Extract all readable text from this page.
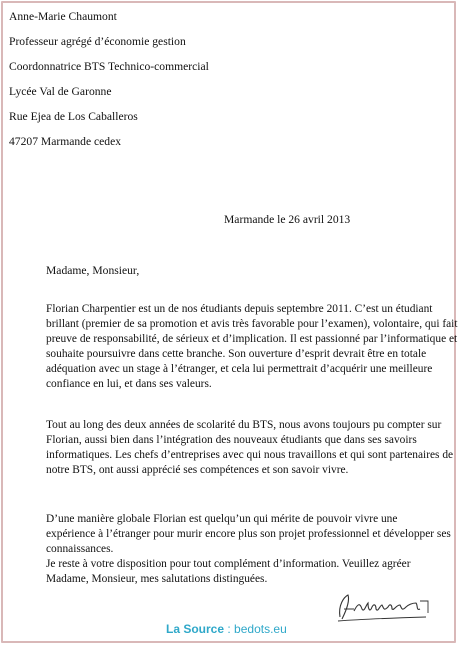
Anne-Marie Chaumont
Professeur agrégé d’économie gestion
Coordonnatrice BTS Technico-commercial
Lycée Val de Garonne
Rue Ejea de Los Caballeros
47207 Marmande cedex
Marmande le 26 avril 2013
Madame, Monsieur,

Florian Charpentier est un de nos étudiants depuis septembre 2011. C’est un étudiant
brillant (premier de sa promotion et avis très favorable pour l’examen), volontaire, qui fait
preuve de responsabilité, de sérieux et d’implication. Il est passionné par l’informatique et
souhaite poursuivre dans cette branche. Son ouverture d’esprit devrait être en totale
adéquation avec un stage à l’étranger, et cela lui permettrait d’acquérir une meilleure
confiance en lui, et dans ses valeurs.

Tout au long des deux années de scolarité du BTS, nous avons toujours pu compter sur
Florian, aussi bien dans l’intégration des nouveaux étudiants que dans ses savoirs
informatiques. Les chefs d’entreprises avec qui nous travaillons et qui sont partenaires de
notre BTS, ont aussi apprécié ses compétences et son savoir vivre.

D’une manière globale Florian est quelqu’un qui mérite de pouvoir vivre une
expérience à l’étranger pour murir encore plus son projet professionnel et développer ses
connaissances.

Je reste à votre disposition pour tout complément d’information. Veuillez agréer
Madame, Monsieur, mes salutations distinguées.

La Source : bedots.eu
